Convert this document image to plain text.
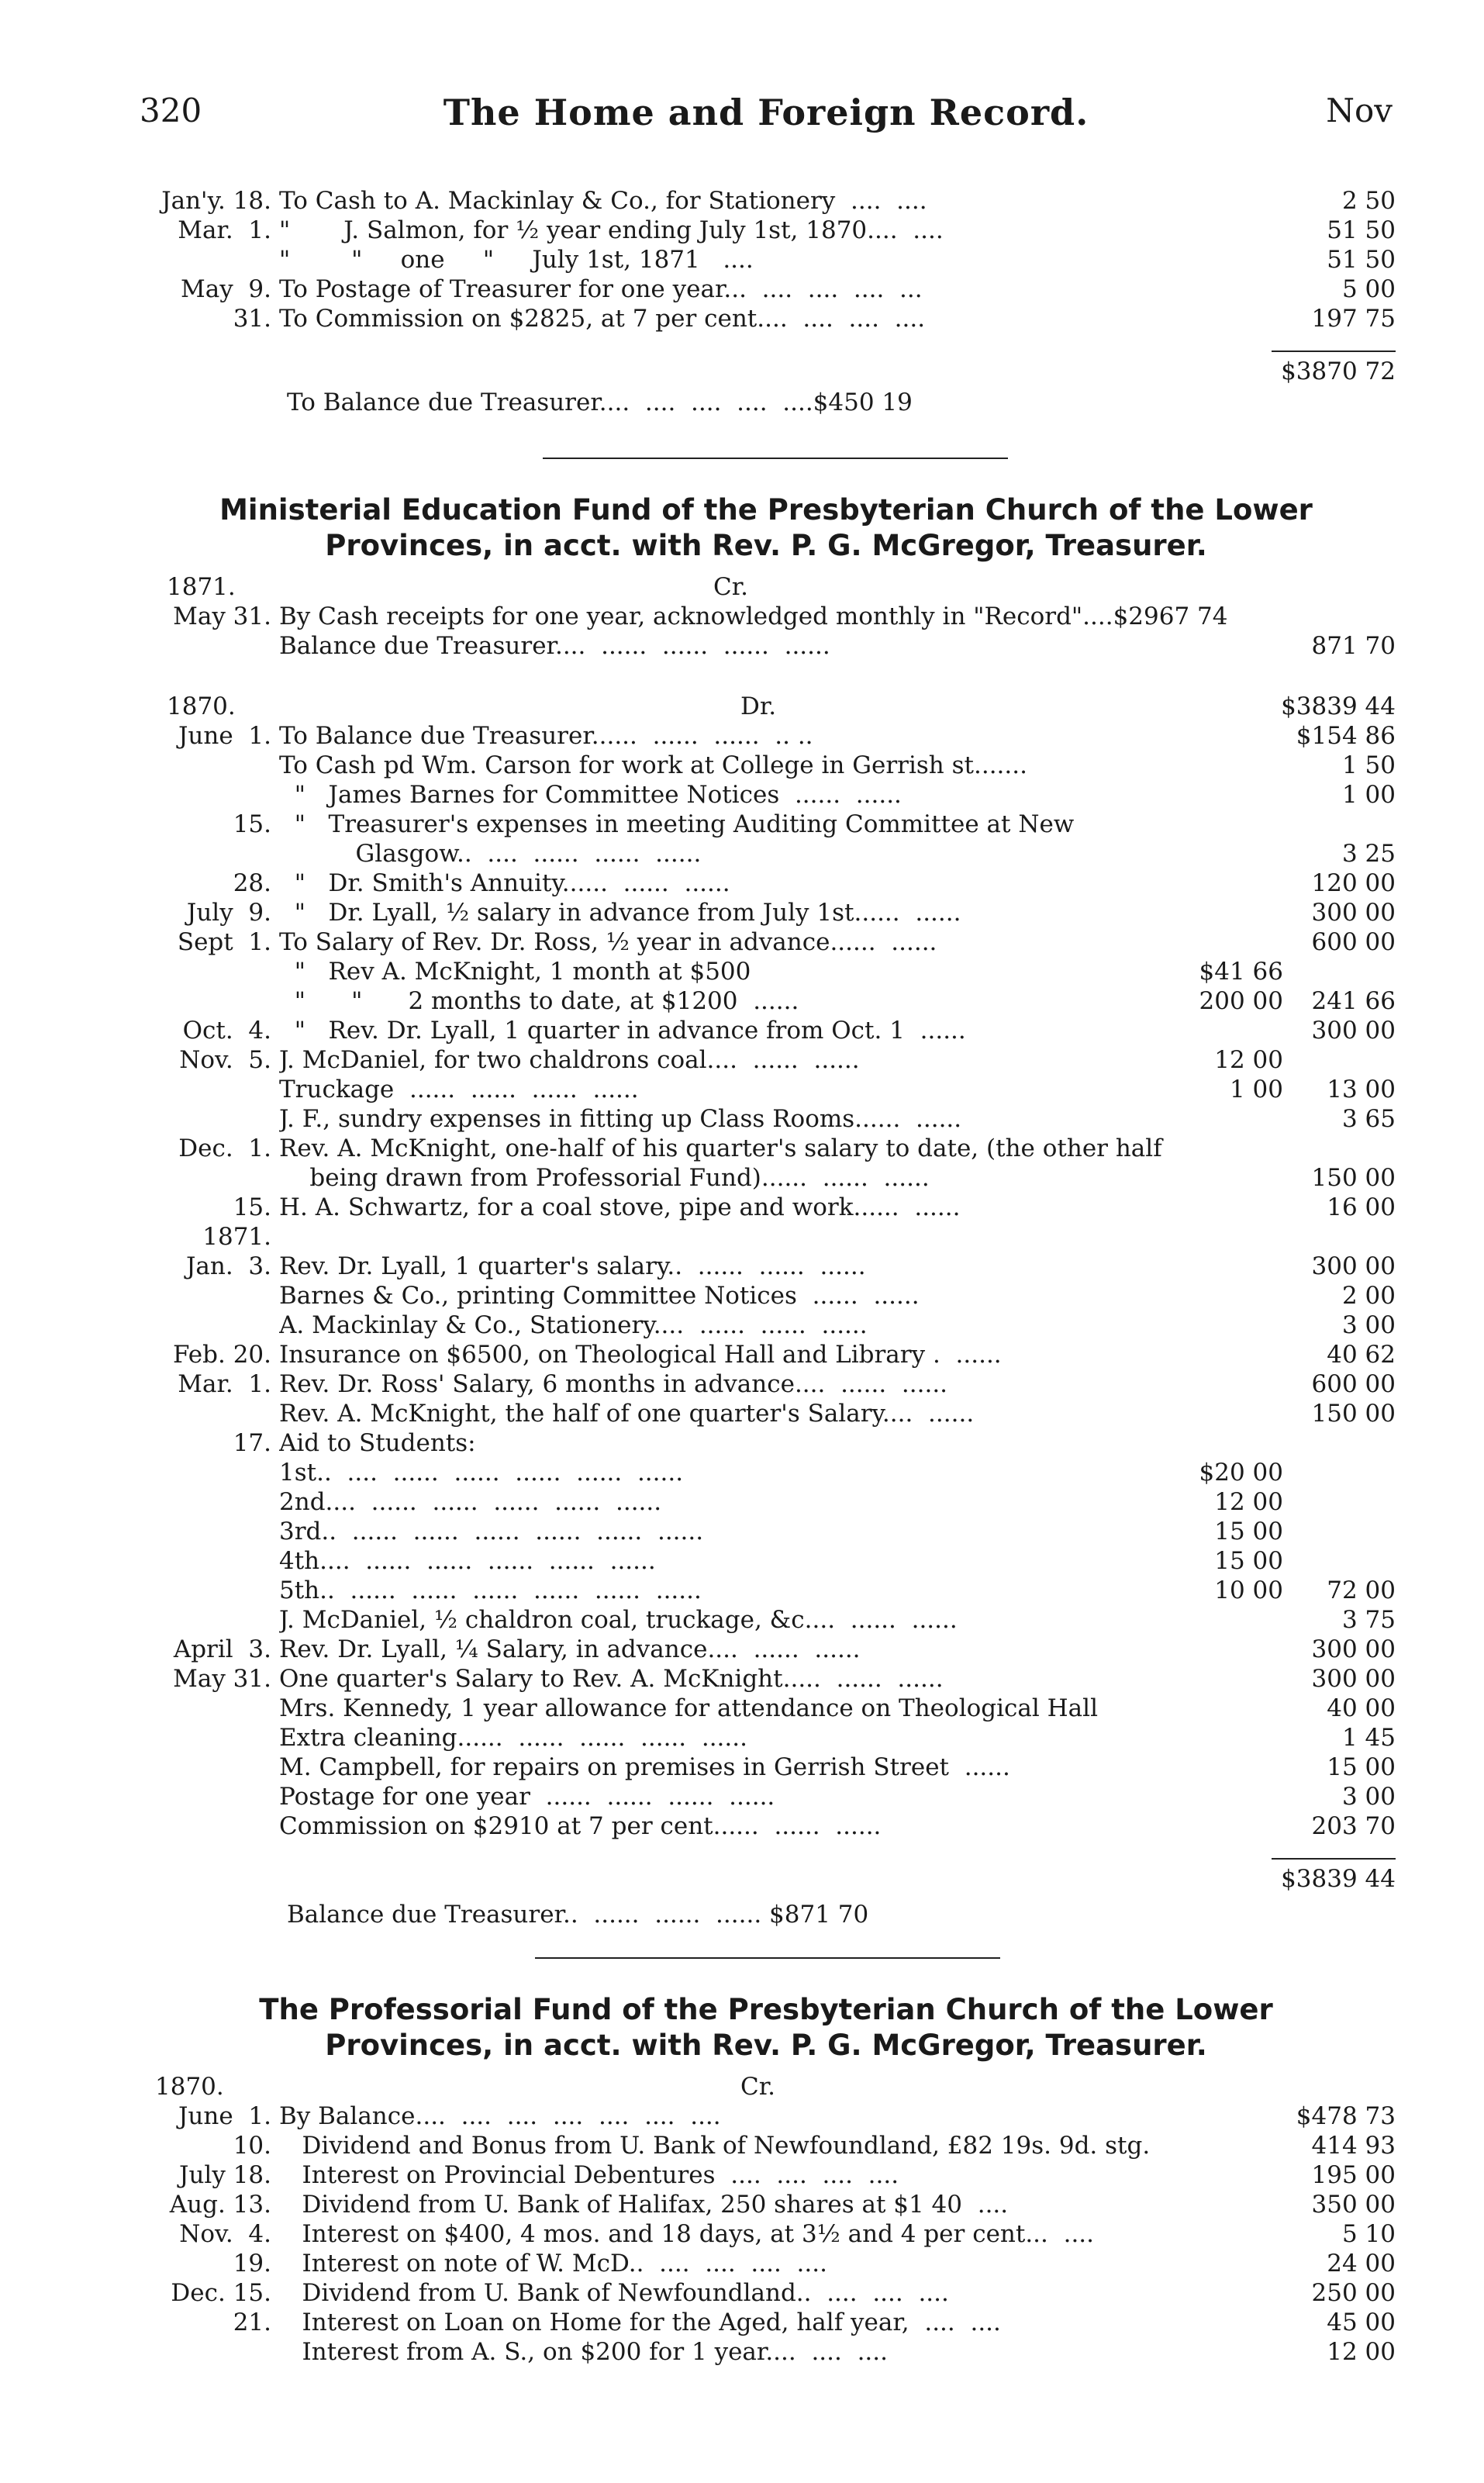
320	The Home and Foreign Record.	Nov
Jan'y. 18. To Cash to A. Mackinlay & Co., for Stationery  ....  ....	2 50
Mar.  1. "       J. Salmon, for ½ year ending July 1st, 1870....  ....	51 50
"        "     one     "     July 1st, 1871   ....	51 50
May  9. To Postage of Treasurer for one year...  ....  ....  ....  ...	5 00
31. To Commission on $2825, at 7 per cent....  ....  ....  ....	197 75
$3870 72
To Balance due Treasurer....  ....  ....  ....  ....$450 19
Ministerial Education Fund of the Presbyterian Church of the Lower
Provinces, in acct. with Rev. P. G. McGregor, Treasurer.
1871.	Cr.
May 31. By Cash receipts for one year, acknowledged monthly in "Record"....$2967 74
Balance due Treasurer....  ......  ......  ......  ......	871 70
1870.	Dr.	$3839 44
June  1. To Balance due Treasurer......  ......  ......  .. ..	$154 86
To Cash pd Wm. Carson for work at College in Gerrish st.......	1 50
"   James Barnes for Committee Notices  ......  ......	1 00
15. "   Treasurer's expenses in meeting Auditing Committee at New
Glasgow..  ....  ......  ......  ......	3 25
28. "   Dr. Smith's Annuity......  ......  ......	120 00
July  9. "   Dr. Lyall, ½ salary in advance from July 1st......  ......	300 00
Sept  1. To Salary of Rev. Dr. Ross, ½ year in advance......  ......	600 00
"   Rev A. McKnight, 1 month at $500	$41 66
"      "      2 months to date, at $1200  ......	200 00	241 66
Oct.  4. "   Rev. Dr. Lyall, 1 quarter in advance from Oct. 1  ......	300 00
Nov.  5. J. McDaniel, for two chaldrons coal....  ......  ......	12 00
Truckage  ......  ......  ......  ......	1 00	13 00
J. F., sundry expenses in fitting up Class Rooms......  ......	3 65
Dec.  1. Rev. A. McKnight, one-half of his quarter's salary to date, (the other half
being drawn from Professorial Fund)......  ......  ......	150 00
15. H. A. Schwartz, for a coal stove, pipe and work......  ......	16 00
1871.
Jan.  3. Rev. Dr. Lyall, 1 quarter's salary..  ......  ......  ......	300 00
Barnes & Co., printing Committee Notices  ......  ......	2 00
A. Mackinlay & Co., Stationery....  ......  ......  ......	3 00
Feb. 20. Insurance on $6500, on Theological Hall and Library .  ......	40 62
Mar.  1. Rev. Dr. Ross' Salary, 6 months in advance....  ......  ......	600 00
Rev. A. McKnight, the half of one quarter's Salary....  ......	150 00
17. Aid to Students:
1st..  ....  ......  ......  ......  ......  ......	$20 00
2nd....  ......  ......  ......  ......  ......	12 00
3rd..  ......  ......  ......  ......  ......  ......	15 00
4th....  ......  ......  ......  ......  ......	15 00
5th..  ......  ......  ......  ......  ......  ......	10 00	72 00
J. McDaniel, ½ chaldron coal, truckage, &c....  ......  ......	3 75
April  3. Rev. Dr. Lyall, ¼ Salary, in advance....  ......  ......	300 00
May 31. One quarter's Salary to Rev. A. McKnight.....  ......  ......	300 00
Mrs. Kennedy, 1 year allowance for attendance on Theological Hall	40 00
Extra cleaning......  ......  ......  ......  ......	1 45
M. Campbell, for repairs on premises in Gerrish Street  ......	15 00
Postage for one year  ......  ......  ......  ......	3 00
Commission on $2910 at 7 per cent......  ......  ......	203 70
$3839 44
Balance due Treasurer..  ......  ......  ...... $871 70
The Professorial Fund of the Presbyterian Church of the Lower
Provinces, in acct. with Rev. P. G. McGregor, Treasurer.
1870.	Cr.
June  1. By Balance....  ....  ....  ....  ....  ....  ....	$478 73
10. Dividend and Bonus from U. Bank of Newfoundland, £82 19s. 9d. stg.	414 93
July 18. Interest on Provincial Debentures  ....  ....  ....  ....	195 00
Aug. 13. Dividend from U. Bank of Halifax, 250 shares at $1 40  ....	350 00
Nov.  4. Interest on $400, 4 mos. and 18 days, at 3½ and 4 per cent...  ....	5 10
19. Interest on note of W. McD..  ....  ....  ....  ....	24 00
Dec. 15. Dividend from U. Bank of Newfoundland..  ....  ....  ....	250 00
21. Interest on Loan on Home for the Aged, half year,  ....  ....	45 00
Interest from A. S., on $200 for 1 year....  ....  ....	12 00
